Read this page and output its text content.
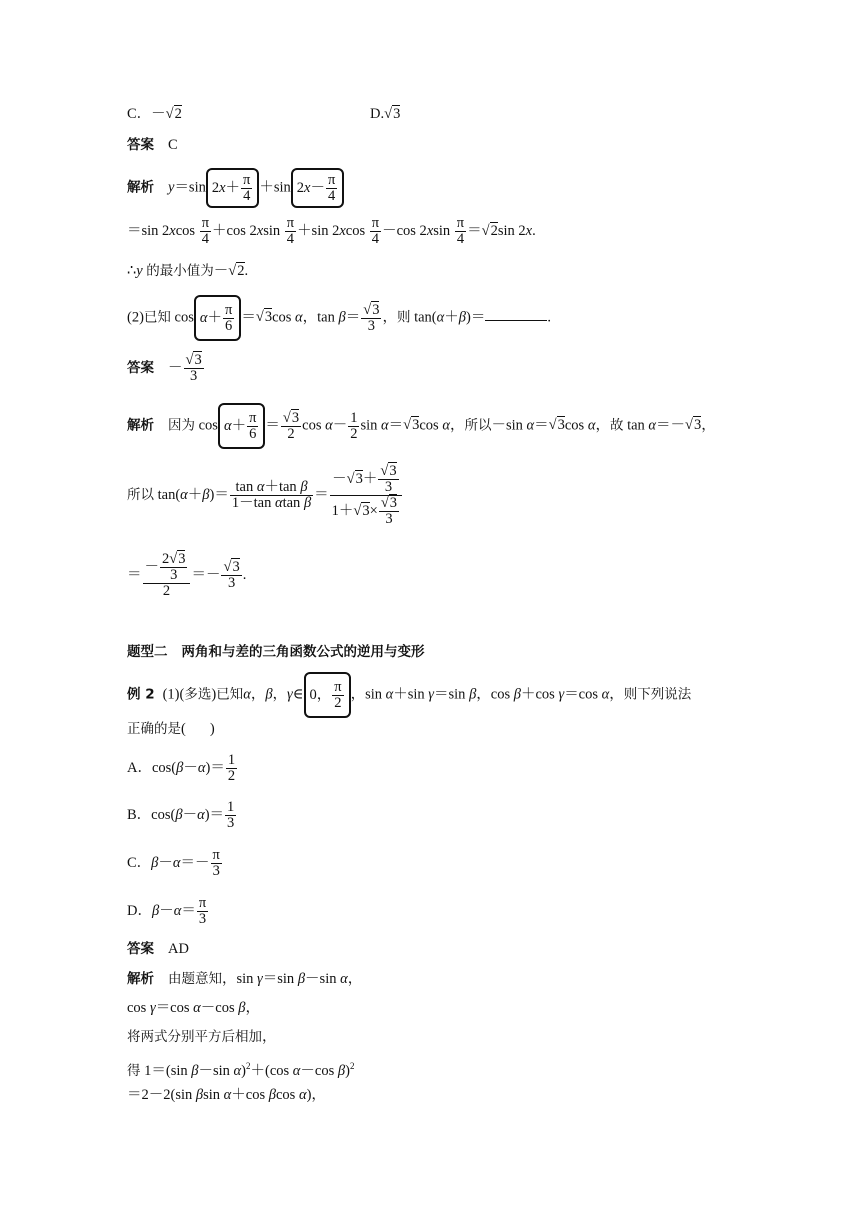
C．－√ 2	D.√ 3
答案 C
解析 y＝sin $2x+ \frac{\pi}{4} +\sin$ $2x- \frac{\pi}{4}$
＝sin $2xcos \frac{\pi}{4} +\cos$ $2xsin \frac{\pi}{4} +\sin$ $2xcos \frac{\pi}{4} -\cos$ $2xsin \frac{\pi}{4}$ ＝√ 2sin 2x.
∴y 的最小值为－√ 2.
(2)已知 $\cos \alpha+ \frac{\pi}{6}$ ＝√ 3cos α，tan β＝
√ $\frac{3}{3}$ ，则 tan(α＋β)＝	.
答案 －
√ $\frac{3}{3}$
解析 因为 $\cos \alpha+ \frac{\pi}{6}$ ＝
√ $\frac{3}{2}$ $\cos \alpha- \frac{1}{2}$ sin α＝√ 3cos α，所以－sin α＝√ 3cos α，故 tan α＝－√ 3，
所以 $\tan(\alpha+\beta)= \frac{\text{tan α＋tan β}}{\text{1－tan αtan β}}$ ＝ －√ 3＋
√ $\frac{3}{3}$
1＋√ 3×
√ $\frac{3}{3}$
＝ $\frac{- \frac{2√ 3}{3}}{2}$ ＝－
√ $\frac{3}{3}$ .
题型二 两角和与差的三角函数公式的逆用与变形
例 2 (1)(多选)已知α，β，γ∈ 0， $\frac{\pi}{2}$ ，sin α＋sin γ＝sin β，cos β＋cos γ＝cos α，则下列说法
正确的是( )
A．$\cos(\beta-\alpha)= \frac{1}{2}$
B．$\cos(\beta-\alpha)= \frac{1}{3}$
C．$\beta-\alpha=- \frac{\pi}{3}$
D．$\beta-\alpha= \frac{\pi}{3}$
答案 AD
解析 由题意知，sin γ＝sin β－sin α，
cos γ＝cos α－cos β，
将两式分别平方后相加，
得 1＝(sin β－sin α)$^2$＋(cos α－cos β)$^2$
＝2－2(sin βsin α＋cos βcos α)，
